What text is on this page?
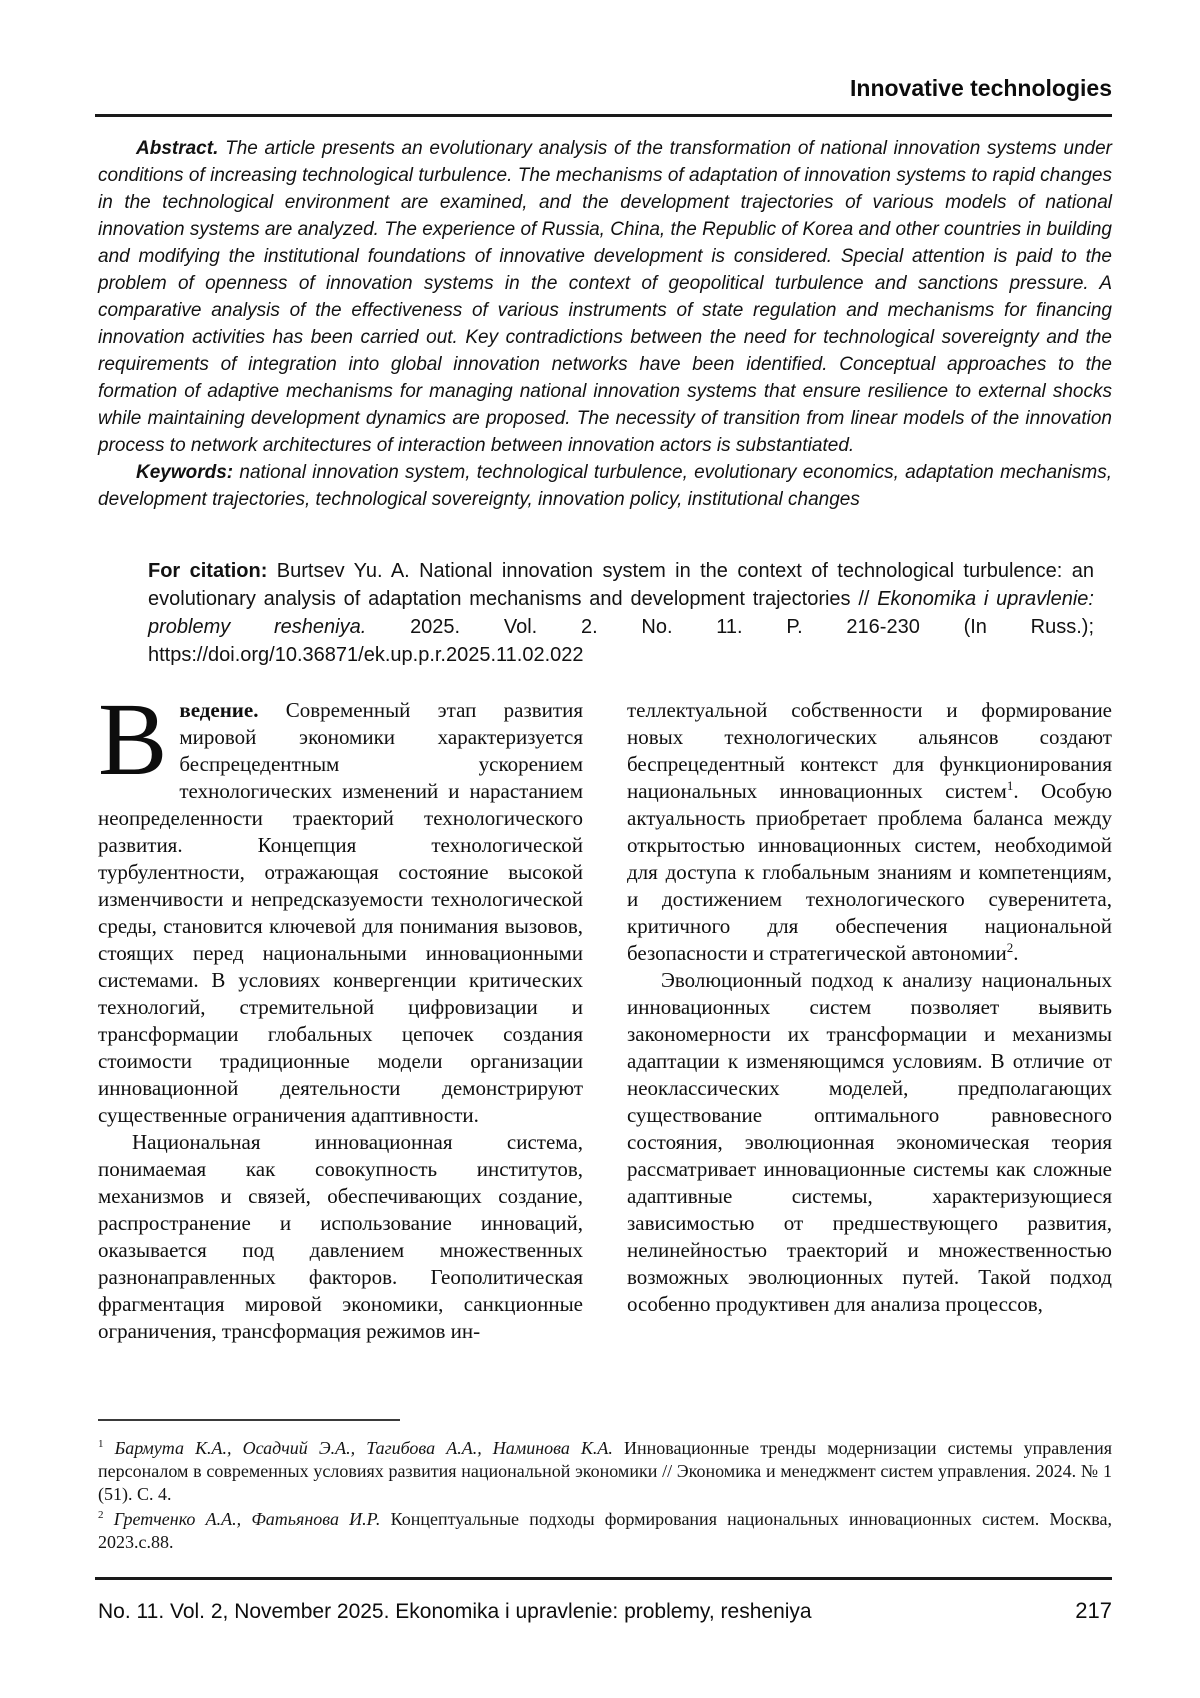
Innovative technologies

Abstract. The article presents an evolutionary analysis of the transformation of national innovation systems under conditions of increasing technological turbulence. The mechanisms of adaptation of innovation systems to rapid changes in the technological environment are examined, and the development trajectories of various models of national innovation systems are analyzed. The experience of Russia, China, the Republic of Korea and other countries in building and modifying the institutional foundations of innovative development is considered. Special attention is paid to the problem of openness of innovation systems in the context of geopolitical turbulence and sanctions pressure. A comparative analysis of the effectiveness of various instruments of state regulation and mechanisms for financing innovation activities has been carried out. Key contradictions between the need for technological sovereignty and the requirements of integration into global innovation networks have been identified. Conceptual approaches to the formation of adaptive mechanisms for managing national innovation systems that ensure resilience to external shocks while maintaining development dynamics are proposed. The necessity of transition from linear models of the innovation process to network architectures of interaction between innovation actors is substantiated.

Keywords: national innovation system, technological turbulence, evolutionary economics, adaptation mechanisms, development trajectories, technological sovereignty, innovation policy, institutional changes

For citation: Burtsev Yu. A. National innovation system in the context of technological turbulence: an evolutionary analysis of adaptation mechanisms and development trajectories // Ekonomika i upravlenie: problemy resheniya. 2025. Vol. 2. No. 11. P. 216-230 (In Russ.); https://doi.org/10.36871/ek.up.p.r.2025.11.02.022

Введение. Современный этап развития мировой экономики характеризуется беспрецедентным ускорением технологических изменений и нарастанием неопределенности траекторий технологического развития. Концепция технологической турбулентности, отражающая состояние высокой изменчивости и непредсказуемости технологической среды, становится ключевой для понимания вызовов, стоящих перед национальными инновационными системами. В условиях конвергенции критических технологий, стремительной цифровизации и трансформации глобальных цепочек создания стоимости традиционные модели организации инновационной деятельности демонстрируют существенные ограничения адаптивности.

Национальная инновационная система, понимаемая как совокупность институтов, механизмов и связей, обеспечивающих создание, распространение и использование инноваций, оказывается под давлением множественных разнонаправленных факторов. Геополитическая фрагментация мировой экономики, санкционные ограничения, трансформация режимов ин-

теллектуальной собственности и формирование новых технологических альянсов создают беспрецедентный контекст для функционирования национальных инновационных систем$^1$. Особую актуальность приобретает проблема баланса между открытостью инновационных систем, необходимой для доступа к глобальным знаниям и компетенциям, и достижением технологического суверенитета, критичного для обеспечения национальной безопасности и стратегической автономии$^2$.

Эволюционный подход к анализу национальных инновационных систем позволяет выявить закономерности их трансформации и механизмы адаптации к изменяющимся условиям. В отличие от неоклассических моделей, предполагающих существование оптимального равновесного состояния, эволюционная экономическая теория рассматривает инновационные системы как сложные адаптивные системы, характеризующиеся зависимостью от предшествующего развития, нелинейностью траекторий и множественностью возможных эволюционных путей. Такой подход особенно продуктивен для анализа процессов,

$^1$ Бармута К.А., Осадчий Э.А., Тагибова А.А., Наминова К.А. Инновационные тренды модернизации системы управления персоналом в современных условиях развития национальной экономики // Экономика и менеджмент систем управления. 2024. № 1 (51). С. 4.

$^2$ Гретченко А.А., Фатьянова И.Р. Концептуальные подходы формирования национальных инновационных систем. Москва, 2023.с.88.

No. 11. Vol. 2, November 2025. Ekonomika i upravlenie: problemy, resheniya	217
